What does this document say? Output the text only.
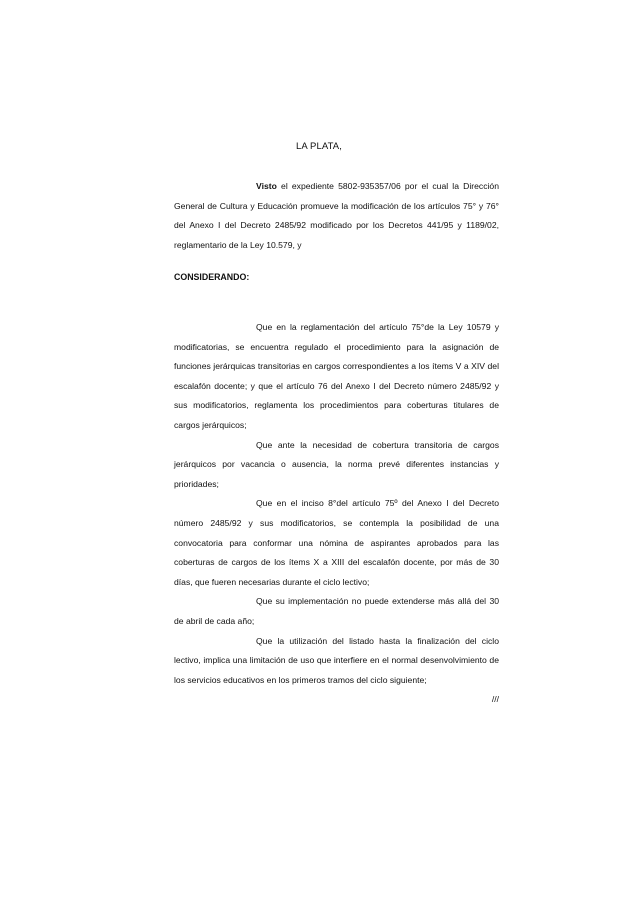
LA PLATA,

Visto el expediente 5802-935357/06 por el cual la Dirección General de Cultura y Educación promueve la modificación de los artículos 75° y 76° del Anexo I del Decreto 2485/92 modificado por los Decretos 441/95 y 1189/02, reglamentario de la Ley 10.579, y

CONSIDERANDO:

Que en la reglamentación del artículo 75°de la Ley 10579 y modificatorias, se encuentra regulado el procedimiento para la asignación de funciones jerárquicas transitorias en cargos correspondientes a los ítems V a XIV del escalafón docente; y que el artículo 76 del Anexo I del Decreto número 2485/92 y sus modificatorios, reglamenta los procedimientos para coberturas titulares de cargos jerárquicos;

Que ante la necesidad de cobertura transitoria de cargos jerárquicos por vacancia o ausencia, la norma prevé diferentes instancias y prioridades;

Que en el inciso 8°del artículo 75º del Anexo I del Decreto número 2485/92 y sus modificatorios, se contempla la posibilidad de una convocatoria para conformar una nómina de aspirantes aprobados para las coberturas de cargos de los ítems X a XIII del escalafón docente, por más de 30 días, que fueren necesarias durante el ciclo lectivo;

Que su implementación no puede extenderse más allá del 30 de abril de cada año;

Que la utilización del listado hasta la finalización del ciclo lectivo, implica una limitación de uso que interfiere en el normal desenvolvimiento de los servicios educativos en los primeros tramos del ciclo siguiente;
///
